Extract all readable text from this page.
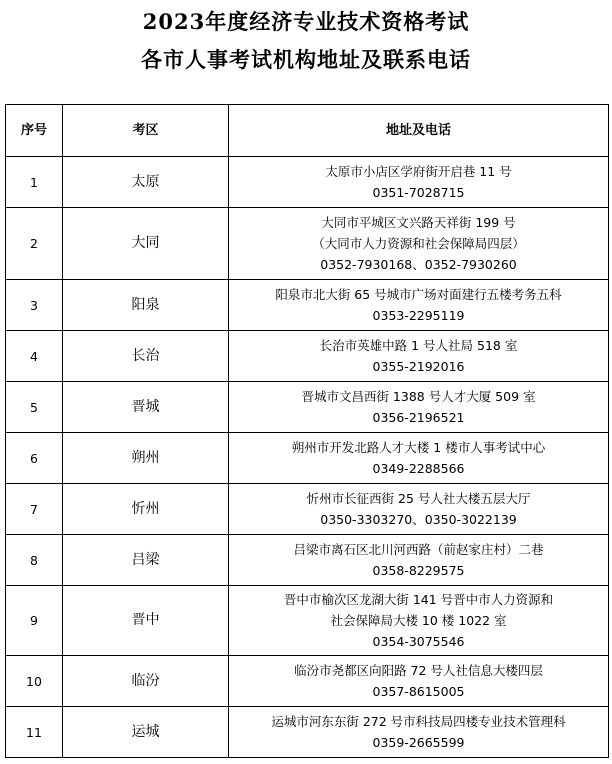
2023年度经济专业技术资格考试
各市人事考试机构地址及联系电话
序号	考区	地址及电话
1	太原	太原市小店区学府街开启巷 11 号
0351-7028715

2	大同	大同市平城区文兴路天祥街 199 号
（大同市人力资源和社会保障局四层）
0352-7930168、0352-7930260

3	阳泉	阳泉市北大街 65 号城市广场对面建行五楼考务五科
0353-2295119

4	长治	长治市英雄中路 1 号人社局 518 室
0355-2192016

5	晋城	晋城市文昌西街 1388 号人才大厦 509 室
0356-2196521

6	朔州	朔州市开发北路人才大楼 1 楼市人事考试中心
0349-2288566

7	忻州	忻州市长征西街 25 号人社大楼五层大厅
0350-3303270、0350-3022139

8	吕梁	吕梁市离石区北川河西路（前赵家庄村）二巷
0358-8229575

9	晋中	晋中市榆次区龙湖大街 141 号晋中市人力资源和
社会保障局大楼 10 楼 1022 室
0354-3075546

10	临汾	临汾市尧都区向阳路 72 号人社信息大楼四层
0357-8615005

11	运城	运城市河东东街 272 号市科技局四楼专业技术管理科
0359-2665599
